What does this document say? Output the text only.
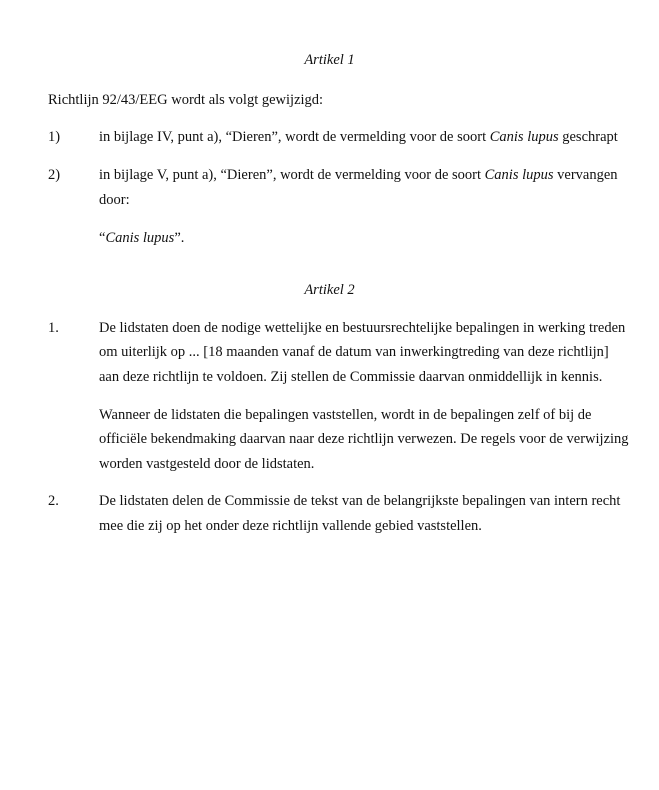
Artikel 1
Richtlijn 92/43/EEG wordt als volgt gewijzigd:
1)	in bijlage IV, punt a), “Dieren”, wordt de vermelding voor de soort Canis lupus geschrapt
2)	in bijlage V, punt a), “Dieren”, wordt de vermelding voor de soort Canis lupus vervangen
door:
“Canis lupus”.
Artikel 2
1.	De lidstaten doen de nodige wettelijke en bestuursrechtelijke bepalingen in werking treden
om uiterlijk op ... [18 maanden vanaf de datum van inwerkingtreding van deze richtlijn]
aan deze richtlijn te voldoen. Zij stellen de Commissie daarvan onmiddellijk in kennis.
Wanneer de lidstaten die bepalingen vaststellen, wordt in de bepalingen zelf of bij de
officiële bekendmaking daarvan naar deze richtlijn verwezen. De regels voor de verwijzing
worden vastgesteld door de lidstaten.
2.	De lidstaten delen de Commissie de tekst van de belangrijkste bepalingen van intern recht
mee die zij op het onder deze richtlijn vallende gebied vaststellen.
